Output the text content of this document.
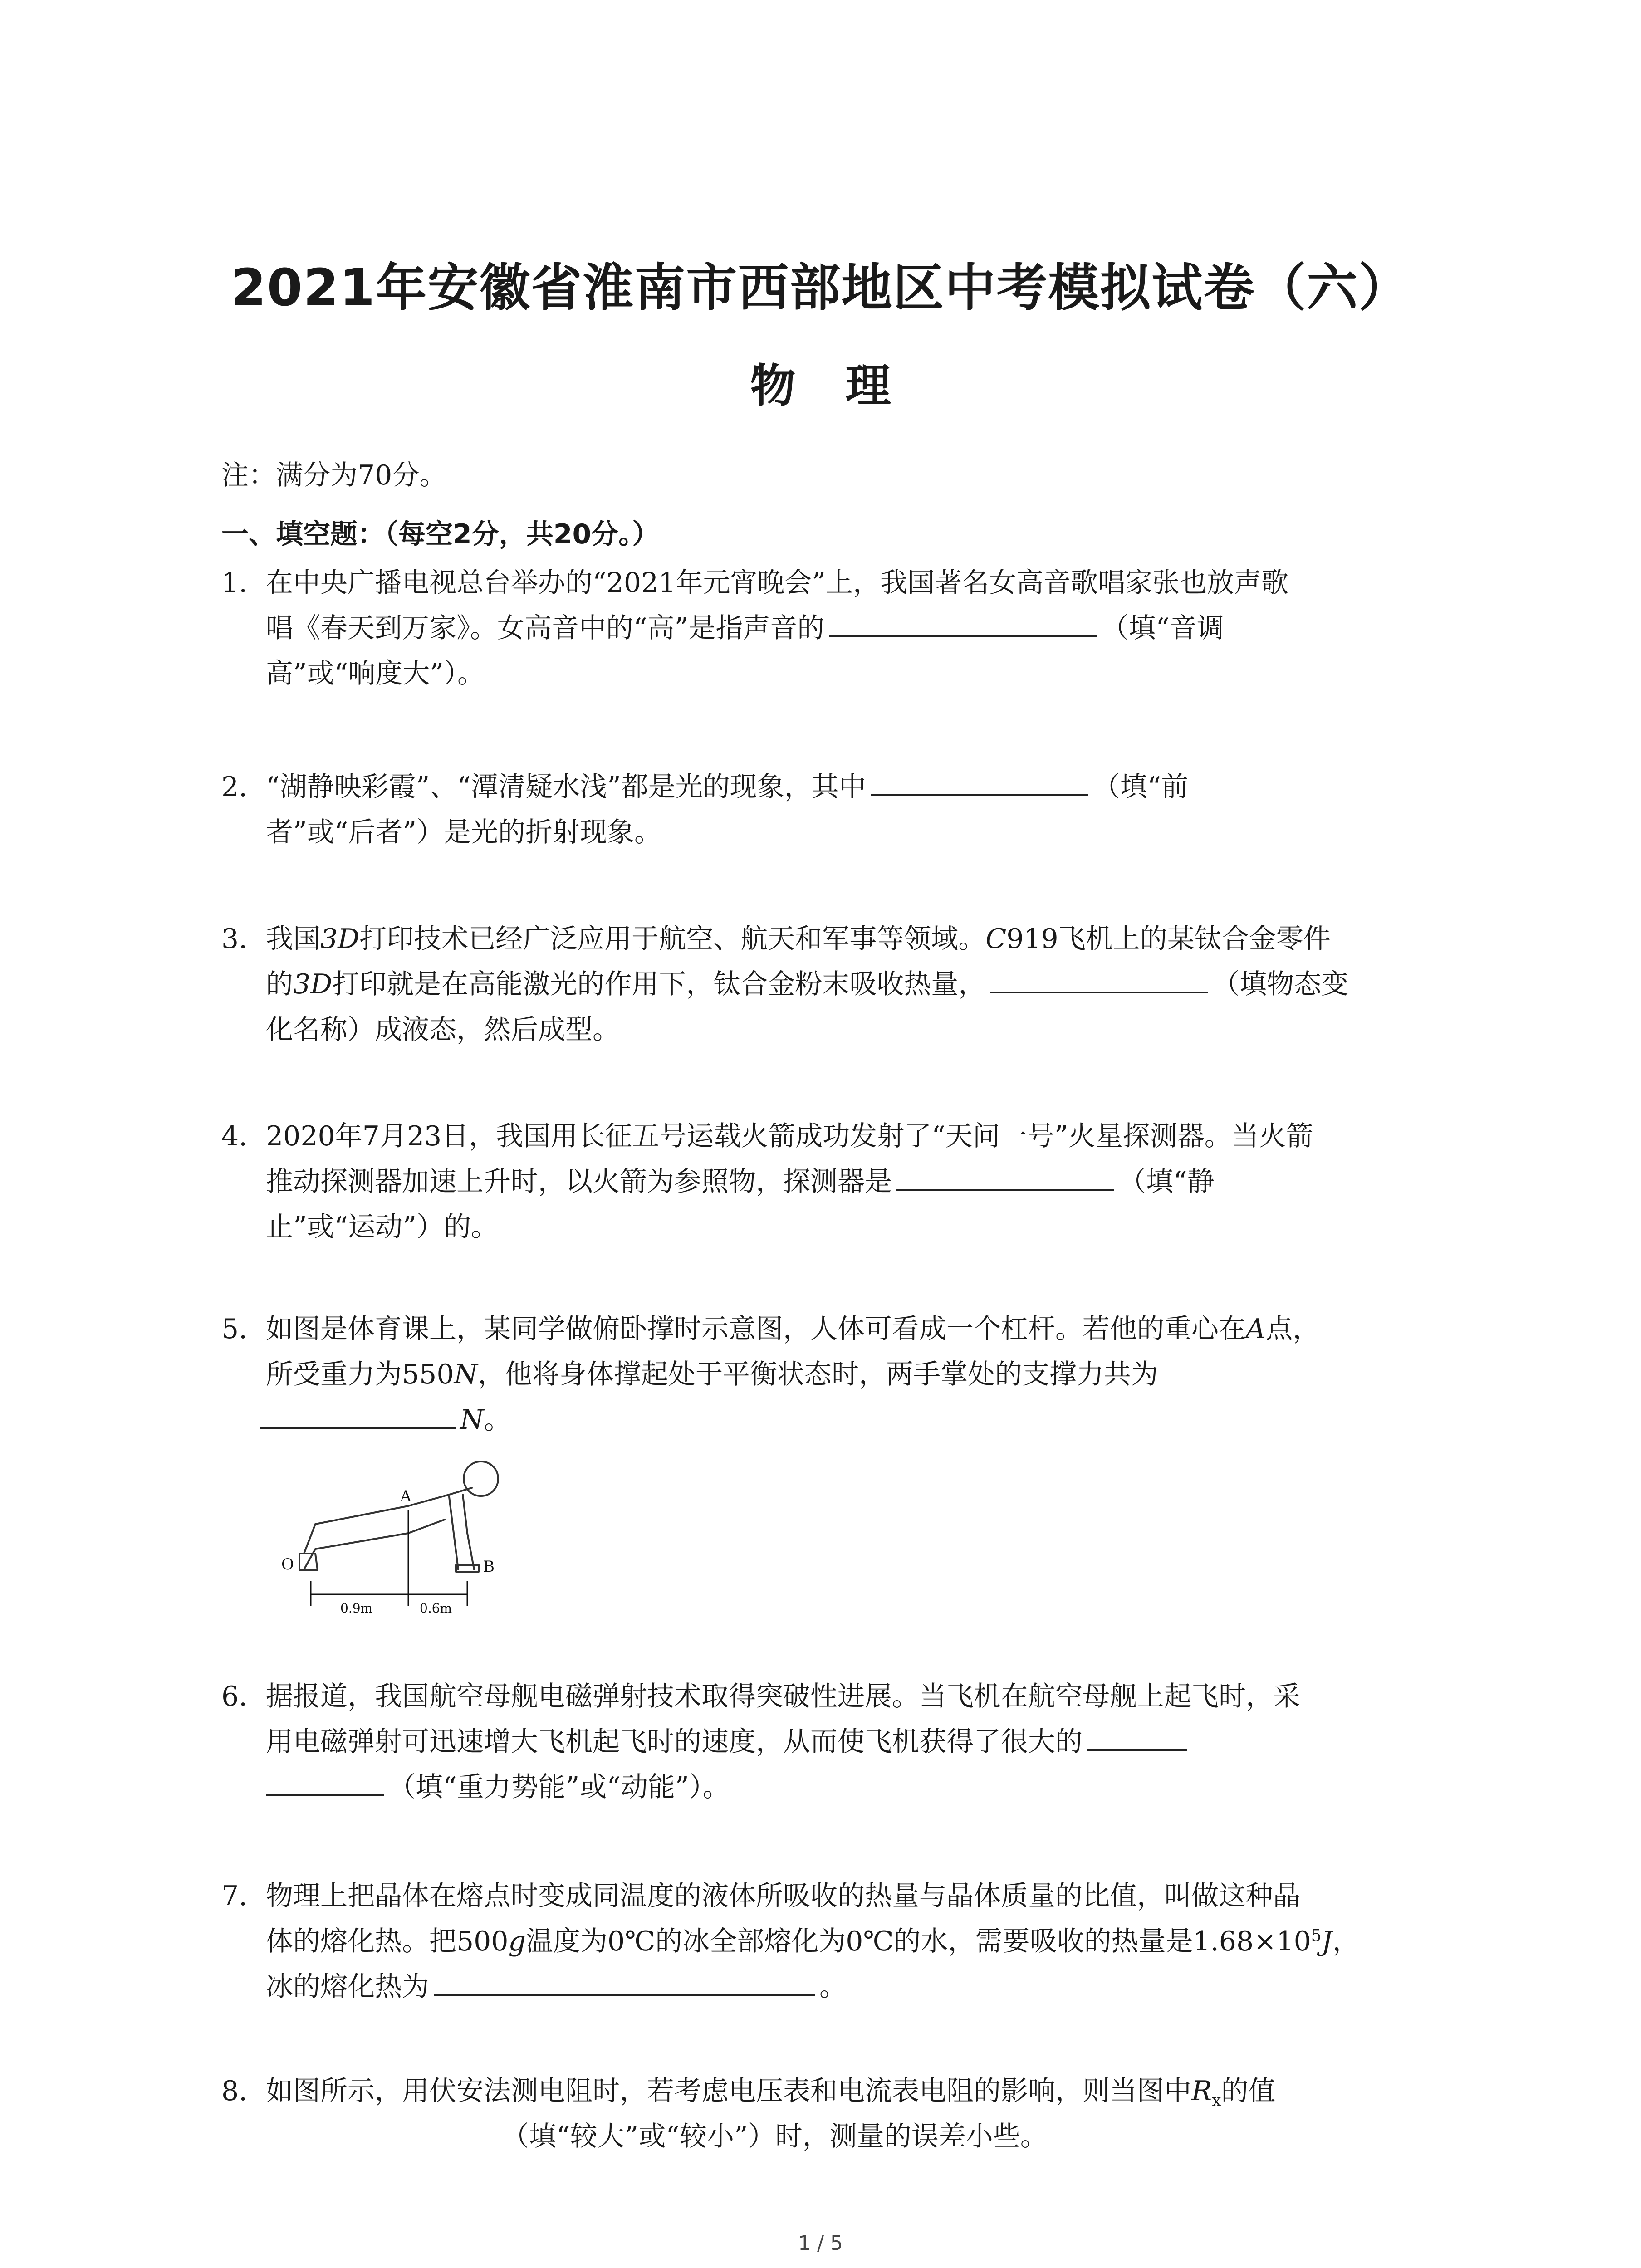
2021年安徽省淮南市西部地区中考模拟试卷（六）
物理
注：满分为70分。
一、填空题：（每空2分，共20分。）
1. 在中央广播电视总台举办的“2021年元宵晚会”上，我国著名女高音歌唱家张也放声歌
唱《春天到万家》。女高音中的“高”是指声音的	（填“音调
高”或“响度大”）。
2. “湖静映彩霞”、“潭清疑水浅”都是光的现象，其中	（填“前
者”或“后者”）是光的折射现象。
3. 我国3D打印技术已经广泛应用于航空、航天和军事等领域。C919飞机上的某钛合金零件
的3D打印就是在高能激光的作用下，钛合金粉末吸收热量，	（填物态变
化名称）成液态，然后成型。
4. 2020年7月23日，我国用长征五号运载火箭成功发射了“天问一号”火星探测器。当火箭
推动探测器加速上升时，以火箭为参照物，探测器是	（填“静
止”或“运动”）的。
5. 如图是体育课上，某同学做俯卧撑时示意图，人体可看成一个杠杆。若他的重心在A点，
所受重力为550N，他将身体撑起处于平衡状态时，两手掌处的支撑力共为
N。
A
O	B
0.9m	0.6m
6. 据报道，我国航空母舰电磁弹射技术取得突破性进展。当飞机在航空母舰上起飞时，采
用电磁弹射可迅速增大飞机起飞时的速度，从而使飞机获得了很大的
（填“重力势能”或“动能”）。
7. 物理上把晶体在熔点时变成同温度的液体所吸收的热量与晶体质量的比值，叫做这种晶
体的熔化热。把500g温度为0℃的冰全部熔化为0℃的水，需要吸收的热量是$1.68\times 10^5J$，
冰的熔化热为	。
8. 如图所示，用伏安法测电阻时，若考虑电压表和电流表电阻的影响，则当图中$R_x$的值
（填“较大”或“较小”）时，测量的误差小些。
1 / 5
